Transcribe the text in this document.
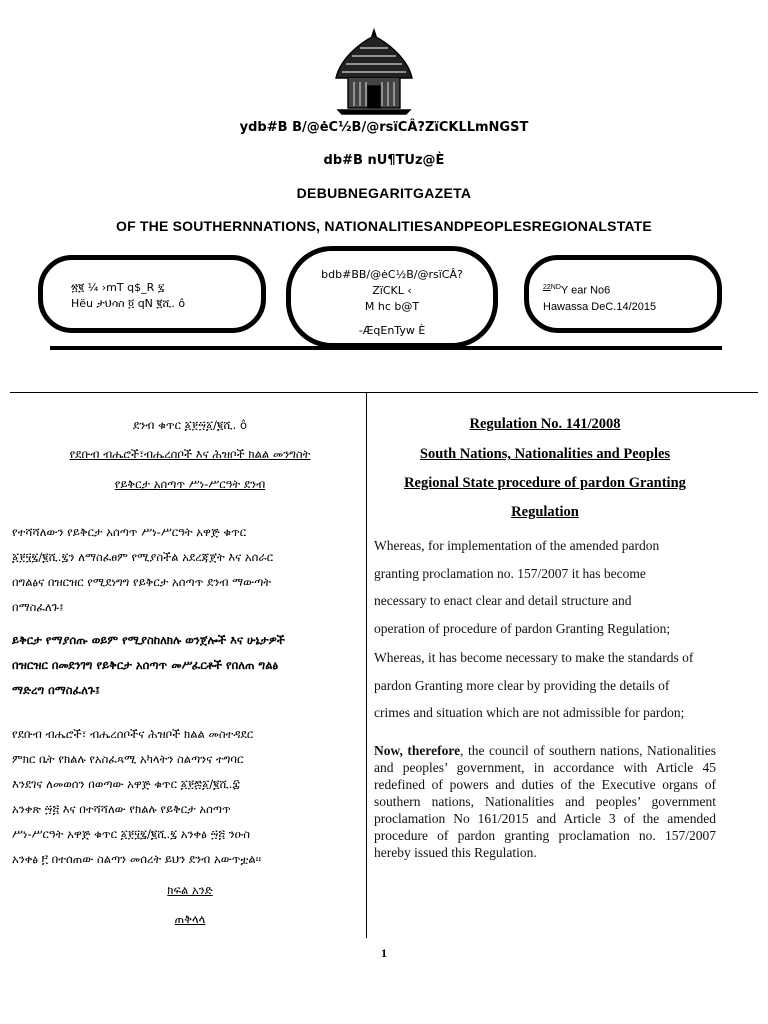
ydb#B B/@ėC½B/@rsïCÂ?ZïCKLLmNGST
db#B nU¶TUz@È
DEBUBNEGARITGAZETA
OF THE SOUTHERNNATIONS, NATIONALITIESANDPEOPLESREGIONALSTATE
፳፪ ¼ ›mT q$_R ፯
Hëu ታህሳስ ፬ qN ፪ሺ. ô
bdb#BB/@ėC½B/@rsïCÂ?ZïCKL ‹
M hc b@T
-ÆqEnTyw È
$^{22ND}$Y ear No6
Hawassa DeC.14/2015
ደንብ ቁጥር ፩፻፵፩/፪ሺ. ô
የደቡብ ብሔሮች፣ብሔረሰቦች እና ሕዝቦች ክልል መንግስት
የይቅርታ አሰጣጥ ሥነ-ሥርዓት ደንብ
የተሻሻለውን የይቅርታ አሰጣጥ ሥነ-ሥርዓት አዋጅ ቁጥር
፩፻፶፯/፪ሺ.፯ን ለማስፈፀም የሚያስችል አደረጃጀት እና አሰራር
በግልፅና በዝርዝር የሚደነግግ የይቅርታ አሰጣጥ ደንብ ማውጣት
በማስፈለጉ፤
ይቅርታ የማያሰጡ ወይም የሚያስከለክሉ ወንጀሎች እና ሁኔታዎች
በዝርዝር በመደንገግ የይቅርታ አሰጣጥ መሥፈርቶች የበለጠ ግልፅ
ማድረግ በማስፈለጉ፤
የደቡብ ብሔሮች፣ ብሔረሰቦችና ሕዝቦች ክልል መስተዳደር
ምክር ቤት የክልሉ የአስፈጻሚ አካላትን ስልጣንና ተግባር
እንደገና ለመወሰን በወጣው አዋጅ ቁጥር ፩፻፷፩/፪ሺ.፰
አንቀጽ ፵፭ እና በተሻሻለው የክልሉ የይቅርታ አሰጣጥ
ሥነ-ሥርዓት አዋጅ ቁጥር ፩፻፶፯/፪ሺ.፯ አንቀፅ ፵፭ ንዑስ
አንቀፅ ፫ በተሰጠው ስልጣን መሰረት ይህን ደንብ አውጥቷል፡፡
ክፍል አንድ
ጠቅላላ
Regulation No. 141/2008
South Nations, Nationalities and Peoples
Regional State procedure of pardon Granting
Regulation
Whereas, for implementation of the amended pardon
granting proclamation no. 157/2007 it has become
necessary to enact clear and detail structure and
operation of procedure of pardon Granting Regulation;
Whereas, it has become necessary to make the standards of
pardon Granting more clear by providing the details of
crimes and situation which are not admissible for pardon;
Now, therefore, the council of southern nations, Nationalities and peoples’ government, in accordance with Article 45 redefined of powers and duties of the Executive organs of southern nations, Nationalities and peoples’ government proclamation No 161/2015 and Article 3 of the amended procedure of pardon granting proclamation no. 157/2007 hereby issued this Regulation.
1
